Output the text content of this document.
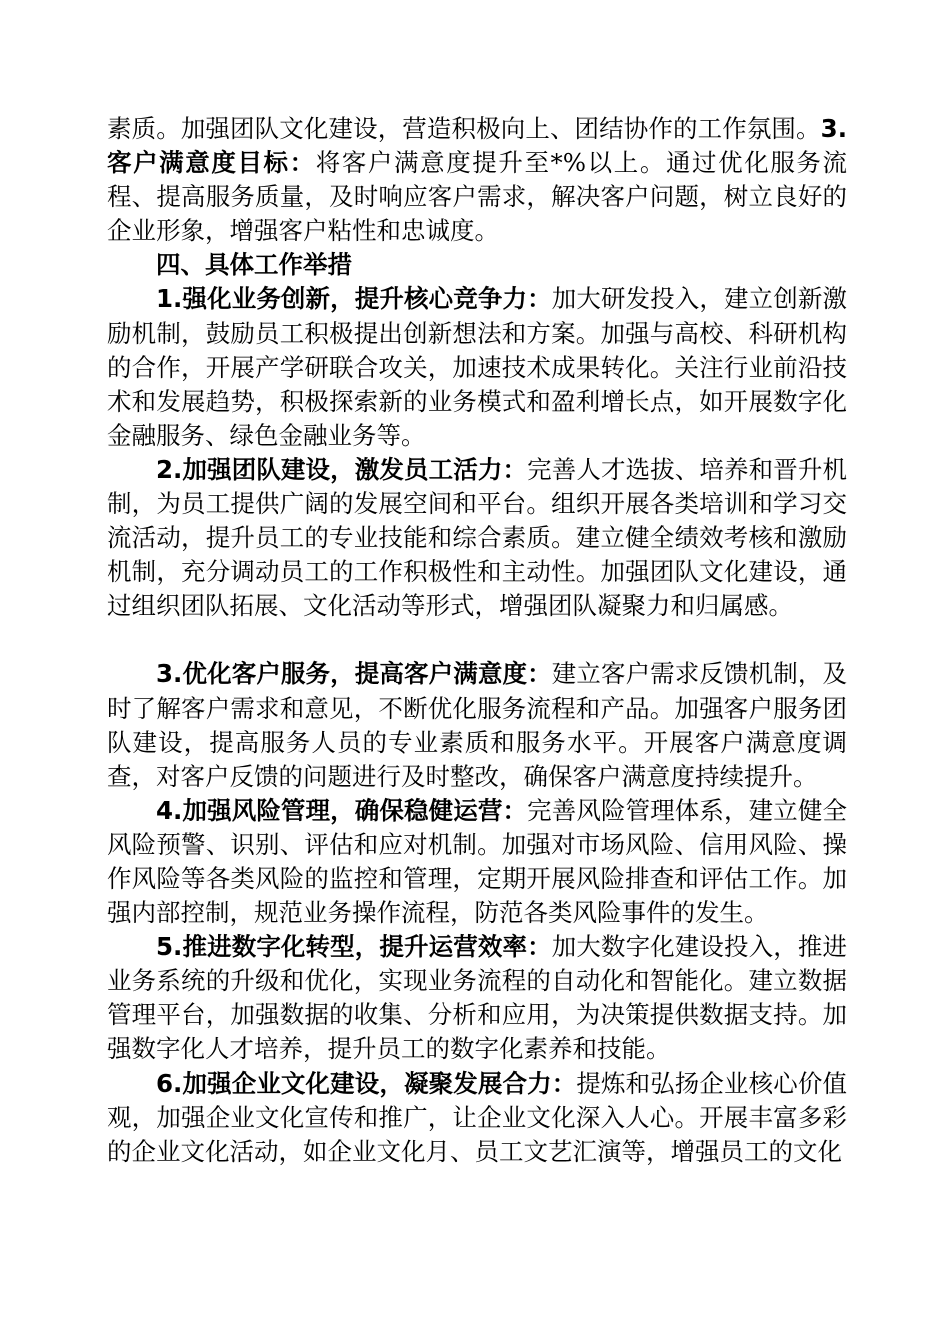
素质。加强团队文化建设，营造积极向上、团结协作的工作氛围。3.客户满意度目标：将客户满意度提升至*%以上。通过优化服务流程、提高服务质量，及时响应客户需求，解决客户问题，树立良好的企业形象，增强客户粘性和忠诚度。

四、具体工作举措

1.强化业务创新，提升核心竞争力：加大研发投入，建立创新激励机制，鼓励员工积极提出创新想法和方案。加强与高校、科研机构的合作，开展产学研联合攻关，加速技术成果转化。关注行业前沿技术和发展趋势，积极探索新的业务模式和盈利增长点，如开展数字化金融服务、绿色金融业务等。

2.加强团队建设，激发员工活力：完善人才选拔、培养和晋升机制，为员工提供广阔的发展空间和平台。组织开展各类培训和学习交流活动，提升员工的专业技能和综合素质。建立健全绩效考核和激励机制，充分调动员工的工作积极性和主动性。加强团队文化建设，通过组织团队拓展、文化活动等形式，增强团队凝聚力和归属感。

3.优化客户服务，提高客户满意度：建立客户需求反馈机制，及时了解客户需求和意见，不断优化服务流程和产品。加强客户服务团队建设，提高服务人员的专业素质和服务水平。开展客户满意度调查，对客户反馈的问题进行及时整改，确保客户满意度持续提升。

4.加强风险管理，确保稳健运营：完善风险管理体系，建立健全风险预警、识别、评估和应对机制。加强对市场风险、信用风险、操作风险等各类风险的监控和管理，定期开展风险排查和评估工作。加强内部控制，规范业务操作流程，防范各类风险事件的发生。

5.推进数字化转型，提升运营效率：加大数字化建设投入，推进业务系统的升级和优化，实现业务流程的自动化和智能化。建立数据管理平台，加强数据的收集、分析和应用，为决策提供数据支持。加强数字化人才培养，提升员工的数字化素养和技能。

6.加强企业文化建设，凝聚发展合力：提炼和弘扬企业核心价值观，加强企业文化宣传和推广，让企业文化深入人心。开展丰富多彩的企业文化活动，如企业文化月、员工文艺汇演等，增强员工的文化
